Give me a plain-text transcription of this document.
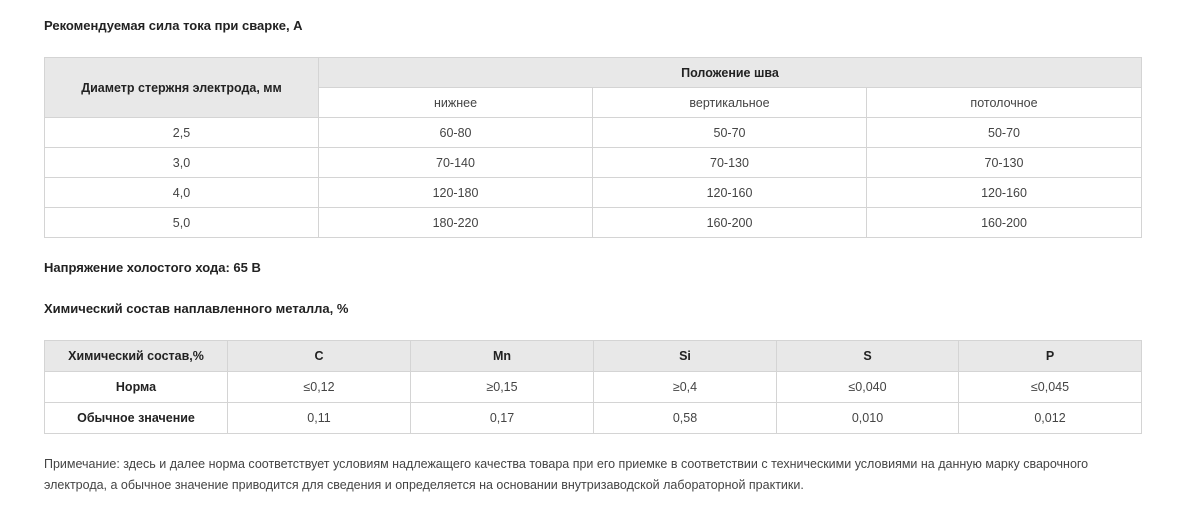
Рекомендуемая сила тока при сварке, А
Диаметр стержня электрода, мм	Положение шва		
	нижнее	вертикальное	потолочное
2,5	60-80	50-70	50-70
3,0	70-140	70-130	70-130
4,0	120-180	120-160	120-160
5,0	180-220	160-200	160-200
Напряжение холостого хода: 65 В
Химический состав наплавленного металла, %
Химический состав,%	C	Mn	Si	S	P
Норма	≤0,12	≥0,15	≥0,4	≤0,040	≤0,045
Обычное значение	0,11	0,17	0,58	0,010	0,012
Примечание: здесь и далее норма соответствует условиям надлежащего качества товара при его приемке в соответствии с техническими условиями на данную марку сварочного электрода, а обычное значение приводится для сведения и определяется на основании внутризаводской лабораторной практики.
